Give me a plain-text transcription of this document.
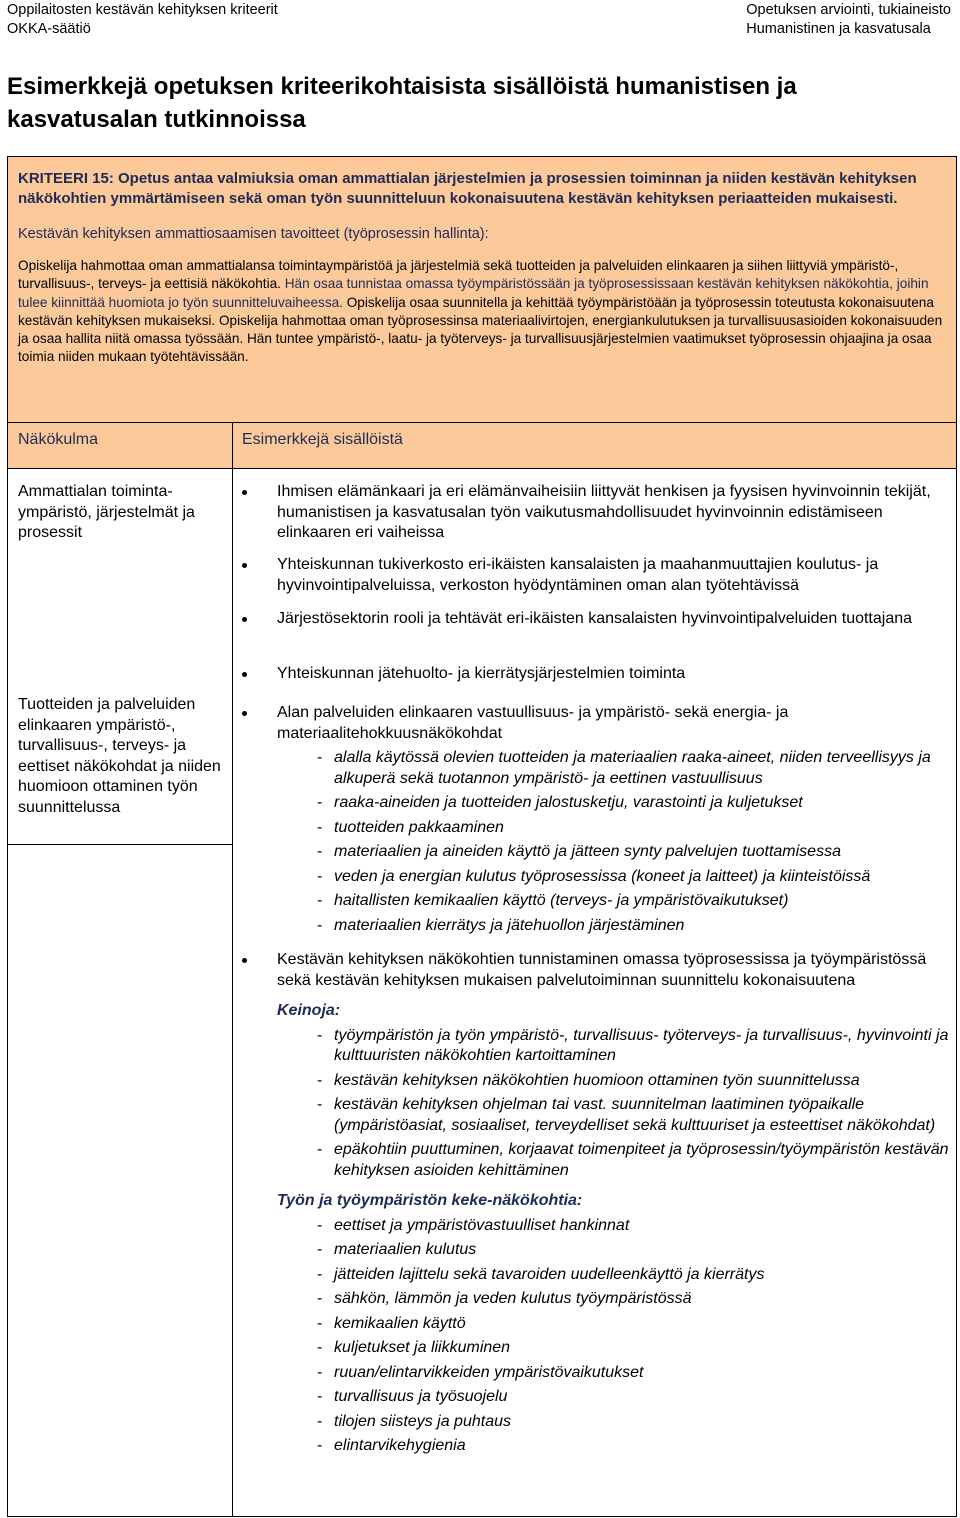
Oppilaitosten kestävän kehityksen kriteerit
OKKA-säätiö
Opetuksen arviointi, tukiaineisto
Humanistinen ja kasvatusala
Esimerkkejä opetuksen kriteerikohtaisista sisällöistä humanistisen ja kasvatusalan tutkinnoissa

KRITEERI 15: Opetus antaa valmiuksia oman ammattialan järjestelmien ja prosessien toiminnan ja niiden kestävän kehityksen näkökohtien ymmärtämiseen sekä oman työn suunnitteluun kokonaisuutena kestävän kehityksen periaatteiden mukaisesti.

Kestävän kehityksen ammattiosaamisen tavoitteet (työprosessin hallinta):

Opiskelija hahmottaa oman ammattialansa toimintaympäristöä ja järjestelmiä sekä tuotteiden ja palveluiden elinkaaren ja siihen liittyviä ympäristö-, turvallisuus-, terveys- ja eettisiä näkökohtia. Hän osaa tunnistaa omassa työympäristössään ja työprosessissaan kestävän kehityksen näkökohtia, joihin tulee kiinnittää huomiota jo työn suunnitteluvaiheessa. Opiskelija osaa suunnitella ja kehittää työympäristöään ja työprosessin toteutusta kokonaisuutena kestävän kehityksen mukaiseksi. Opiskelija hahmottaa oman työprosessinsa materiaalivirtojen, energiankulutuksen ja turvallisuusasioiden kokonaisuuden ja osaa hallita niitä omassa työssään. Hän tuntee ympäristö-, laatu- ja työterveys- ja turvallisuusjärjestelmien vaatimukset työprosessin ohjaajina ja osaa toimia niiden mukaan työtehtävissään.

Näkökulma	Esimerkkejä sisällöistä
Ammattialan toiminta-ympäristö, järjestelmät ja prosessit
Tuotteiden ja palveluiden elinkaaren ympäristö-, turvallisuus-, terveys- ja eettiset näkökohdat ja niiden huomioon ottaminen työn suunnittelussa
Ihmisen elämänkaari ja eri elämänvaiheisiin liittyvät henkisen ja fyysisen hyvinvoinnin tekijät, humanistisen ja kasvatusalan työn vaikutusmahdollisuudet hyvinvoinnin edistämiseen elinkaaren eri vaiheissa
Yhteiskunnan tukiverkosto eri-ikäisten kansalaisten ja maahanmuuttajien koulutus- ja hyvinvointipalveluissa, verkoston hyödyntäminen oman alan työtehtävissä
Järjestösektorin rooli ja tehtävät eri-ikäisten kansalaisten hyvinvointipalveluiden tuottajana
Yhteiskunnan jätehuolto- ja kierrätysjärjestelmien toiminta
Alan palveluiden elinkaaren vastuullisuus- ja ympäristö- sekä energia- ja materiaalitehokkuusnäkökohdat
- alalla käytössä olevien tuotteiden ja materiaalien raaka-aineet, niiden terveellisyys ja alkuperä sekä tuotannon ympäristö- ja eettinen vastuullisuus
- raaka-aineiden ja tuotteiden jalostusketju, varastointi ja kuljetukset
- tuotteiden pakkaaminen
- materiaalien ja aineiden käyttö ja jätteen synty palvelujen tuottamisessa
- veden ja energian kulutus työprosessissa (koneet ja laitteet) ja kiinteistöissä
- haitallisten kemikaalien käyttö (terveys- ja ympäristövaikutukset)
- materiaalien kierrätys ja jätehuollon järjestäminen
Kestävän kehityksen näkökohtien tunnistaminen omassa työprosessissa ja työympäristössä sekä kestävän kehityksen mukaisen palvelutoiminnan suunnittelu kokonaisuutena
Keinoja:
- työympäristön ja työn ympäristö-, turvallisuus- työterveys- ja turvallisuus-, hyvinvointi ja kulttuuristen näkökohtien kartoittaminen
- kestävän kehityksen näkökohtien huomioon ottaminen työn suunnittelussa
- kestävän kehityksen ohjelman tai vast. suunnitelman laatiminen työpaikalle (ympäristöasiat, sosiaaliset, terveydelliset sekä kulttuuriset ja esteettiset näkökohdat)
- epäkohtiin puuttuminen, korjaavat toimenpiteet ja työprosessin/työympäristön kestävän kehityksen asioiden kehittäminen
Työn ja työympäristön keke-näkökohtia:
- eettiset ja ympäristövastuulliset hankinnat
- materiaalien kulutus
- jätteiden lajittelu sekä tavaroiden uudelleenkäyttö ja kierrätys
- sähkön, lämmön ja veden kulutus työympäristössä
- kemikaalien käyttö
- kuljetukset ja liikkuminen
- ruuan/elintarvikkeiden ympäristövaikutukset
- turvallisuus ja työsuojelu
- tilojen siisteys ja puhtaus
- elintarvikehygienia
